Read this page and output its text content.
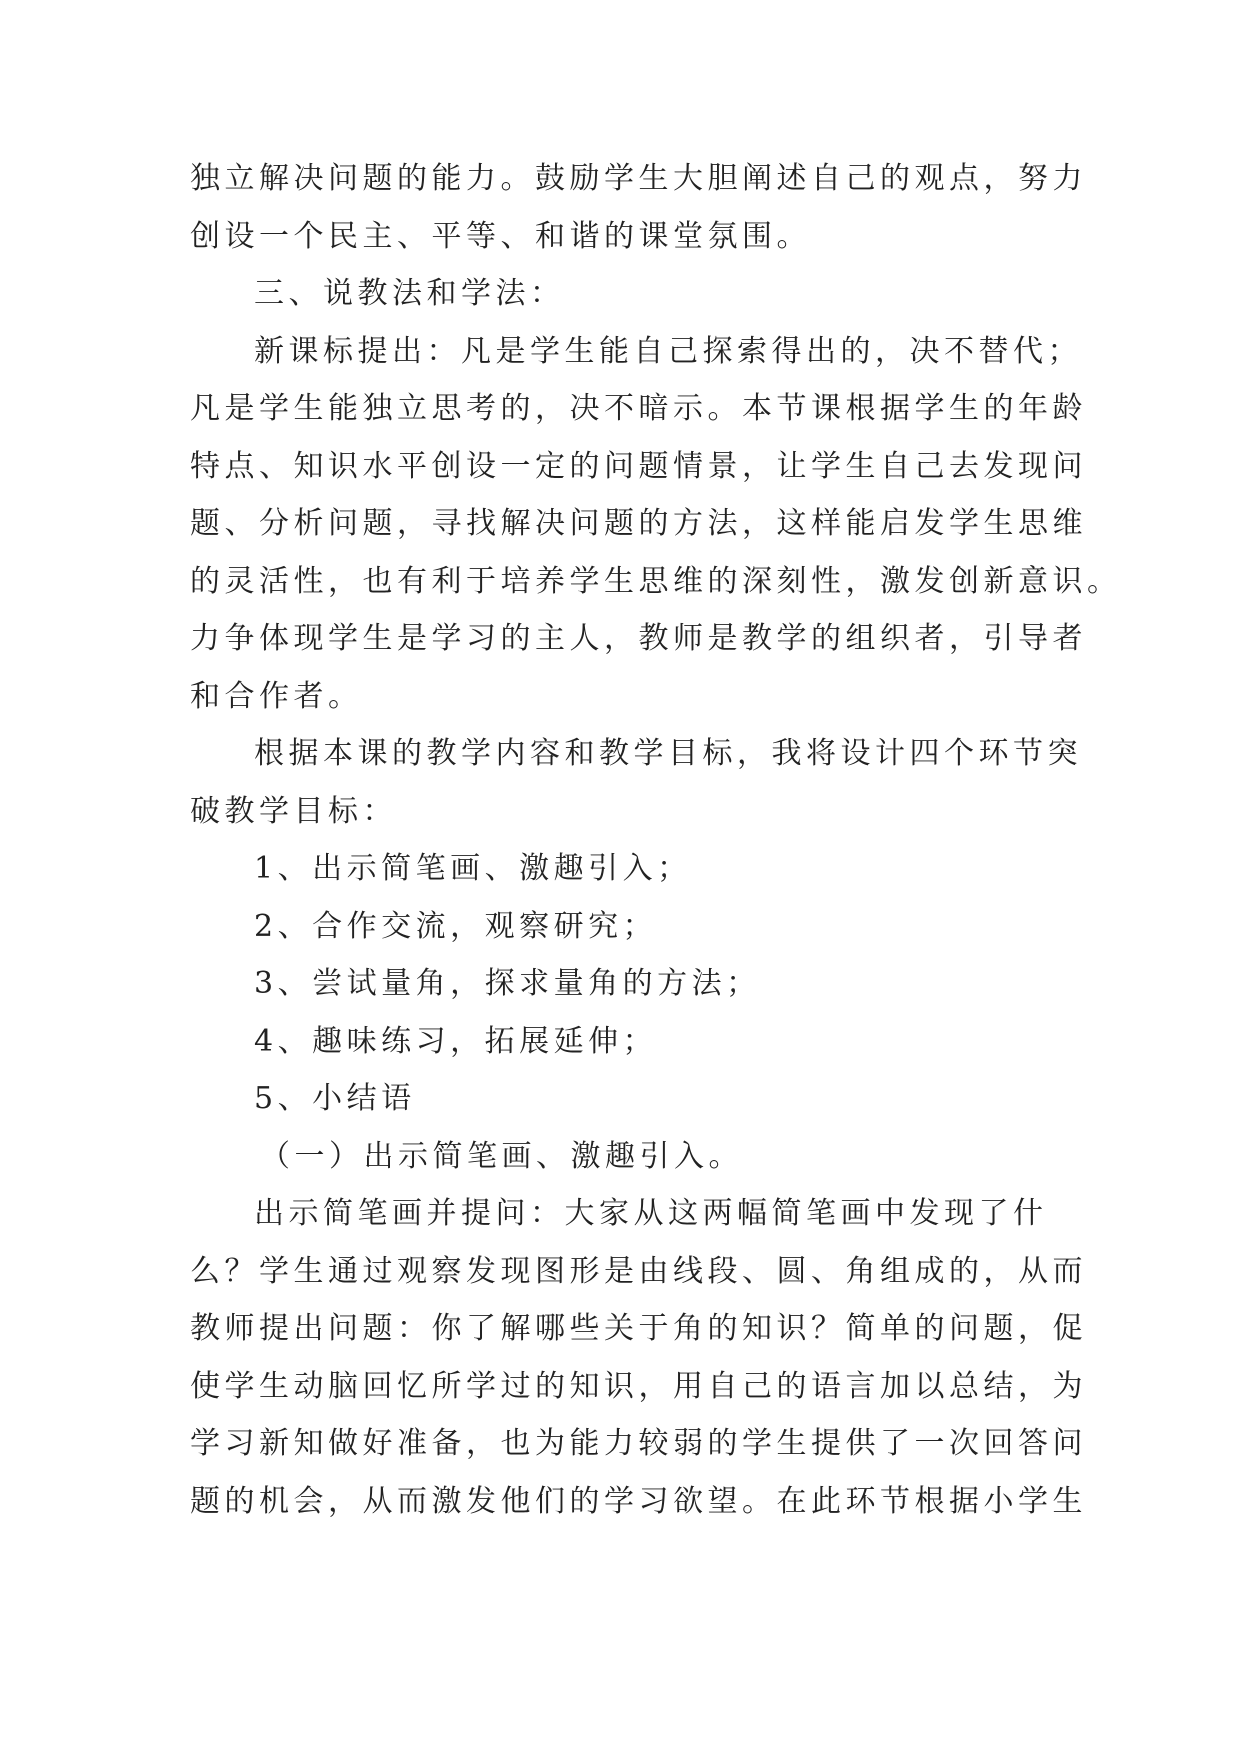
独立解决问题的能力。鼓励学生大胆阐述自己的观点，努力
创设一个民主、平等、和谐的课堂氛围。
三、说教法和学法：
新课标提出：凡是学生能自己探索得出的，决不替代；
凡是学生能独立思考的，决不暗示。本节课根据学生的年龄
特点、知识水平创设一定的问题情景，让学生自己去发现问
题、分析问题，寻找解决问题的方法，这样能启发学生思维
的灵活性，也有利于培养学生思维的深刻性，激发创新意识。
力争体现学生是学习的主人，教师是教学的组织者，引导者
和合作者。
根据本课的教学内容和教学目标，我将设计四个环节突
破教学目标：
1、出示简笔画、激趣引入；
2、合作交流，观察研究；
3、尝试量角，探求量角的方法；
4、趣味练习，拓展延伸；
5、小结语
（一）出示简笔画、激趣引入。
出示简笔画并提问：大家从这两幅简笔画中发现了什
么？学生通过观察发现图形是由线段、圆、角组成的，从而
教师提出问题：你了解哪些关于角的知识？简单的问题，促
使学生动脑回忆所学过的知识，用自己的语言加以总结，为
学习新知做好准备，也为能力较弱的学生提供了一次回答问
题的机会，从而激发他们的学习欲望。在此环节根据小学生
